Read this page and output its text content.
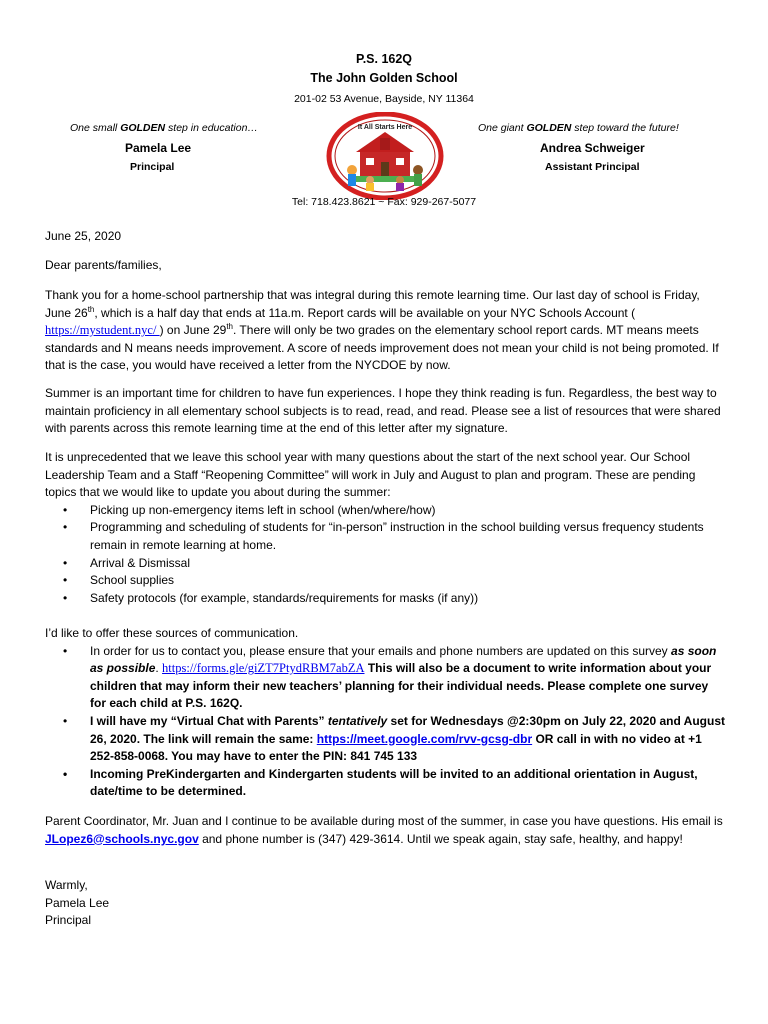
P.S. 162Q
The John Golden School
201-02 53 Avenue, Bayside, NY 11364
One small GOLDEN step in education…	One giant GOLDEN step toward the future!
Pamela Lee
Principal
Andrea Schweiger
Assistant Principal
It All Starts Here
Tel: 718.423.8621 ~ Fax: 929-267-5077
June 25, 2020
Dear parents/families,

Thank you for a home-school partnership that was integral during this remote learning time. Our last day of school is Friday, June 26th, which is a half day that ends at 11a.m. Report cards will be available on your NYC Schools Account ( https://mystudent.nyc/ ) on June 29th. There will only be two grades on the elementary school report cards. MT means meets standards and N means needs improvement. A score of needs improvement does not mean your child is not being promoted. If that is the case, you would have received a letter from the NYCDOE by now.

Summer is an important time for children to have fun experiences. I hope they think reading is fun. Regardless, the best way to maintain proficiency in all elementary school subjects is to read, read, and read. Please see a list of resources that were shared with parents across this remote learning time at the end of this letter after my signature.

It is unprecedented that we leave this school year with many questions about the start of the next school year. Our School Leadership Team and a Staff “Reopening Committee” will work in July and August to plan and program. These are pending topics that we would like to update you about during the summer:

• Picking up non-emergency items left in school (when/where/how)
• Programming and scheduling of students for “in-person” instruction in the school building versus frequency students remain in remote learning at home.
• Arrival & Dismissal
• School supplies
• Safety protocols (for example, standards/requirements for masks (if any))

I’d like to offer these sources of communication.

• In order for us to contact you, please ensure that your emails and phone numbers are updated on this survey as soon as possible. https://forms.gle/giZT7PtydRBM7abZA This will also be a document to write information about your children that may inform their new teachers’ planning for their individual needs. Please complete one survey for each child at P.S. 162Q.
• I will have my “Virtual Chat with Parents” tentatively set for Wednesdays @2:30pm on July 22, 2020 and August 26, 2020. The link will remain the same: https://meet.google.com/rvv-gcsg-dbr OR call in with no video at +1 252-858-0068. You may have to enter the PIN: 841 745 133
• Incoming PreKindergarten and Kindergarten students will be invited to an additional orientation in August, date/time to be determined.

Parent Coordinator, Mr. Juan and I continue to be available during most of the summer, in case you have questions. His email is JLopez6@schools.nyc.gov and phone number is (347) 429-3614. Until we speak again, stay safe, healthy, and happy!

Warmly,
Pamela Lee
Principal
